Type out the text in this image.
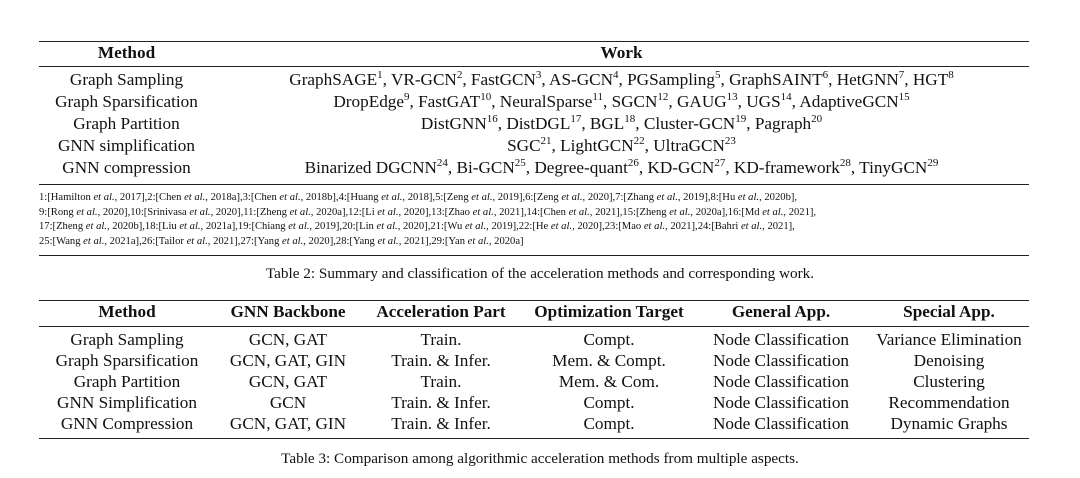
Method	Work
Graph Sampling	GraphSAGE$^1$, VR-GCN$^2$, FastGCN$^3$, AS-GCN$^4$, PGSampling$^5$, GraphSAINT$^6$, HetGNN$^7$, HGT$^8$
Graph Sparsification	DropEdge$^9$, FastGAT$^{10}$, NeuralSparse$^{11}$, SGCN$^{12}$, GAUG$^{13}$, UGS$^{14}$, AdaptiveGCN$^{15}$
Graph Partition	DistGNN$^{16}$, DistDGL$^{17}$, BGL$^{18}$, Cluster-GCN$^{19}$, Pagraph$^{20}$
GNN simplification	SGC$^{21}$, LightGCN$^{22}$, UltraGCN$^{23}$
GNN compression	Binarized DGCNN$^{24}$, Bi-GCN$^{25}$, Degree-quant$^{26}$, KD-GCN$^{27}$, KD-framework$^{28}$, TinyGCN$^{29}$
1:[Hamilton et al., 2017],2:[Chen et al., 2018a],3:[Chen et al., 2018b],4:[Huang et al., 2018],5:[Zeng et al., 2019],6:[Zeng et al., 2020],7:[Zhang et al., 2019],8:[Hu et al., 2020b],
9:[Rong et al., 2020],10:[Srinivasa et al., 2020],11:[Zheng et al., 2020a],12:[Li et al., 2020],13:[Zhao et al., 2021],14:[Chen et al., 2021],15:[Zheng et al., 2020a],16:[Md et al., 2021],
17:[Zheng et al., 2020b],18:[Liu et al., 2021a],19:[Chiang et al., 2019],20:[Lin et al., 2020],21:[Wu et al., 2019],22:[He et al., 2020],23:[Mao et al., 2021],24:[Bahri et al., 2021],
25:[Wang et al., 2021a],26:[Tailor et al., 2021],27:[Yang et al., 2020],28:[Yang et al., 2021],29:[Yan et al., 2020a]
Table 2: Summary and classification of the acceleration methods and corresponding work.
Method	GNN Backbone	Acceleration Part	Optimization Target	General App.	Special App.
Graph Sampling	GCN, GAT	Train.	Compt.	Node Classification	Variance Elimination
Graph Sparsification	GCN, GAT, GIN	Train. & Infer.	Mem. & Compt.	Node Classification	Denoising
Graph Partition	GCN, GAT	Train.	Mem. & Com.	Node Classification	Clustering
GNN Simplification	GCN	Train. & Infer.	Compt.	Node Classification	Recommendation
GNN Compression	GCN, GAT, GIN	Train. & Infer.	Compt.	Node Classification	Dynamic Graphs
Table 3: Comparison among algorithmic acceleration methods from multiple aspects.
